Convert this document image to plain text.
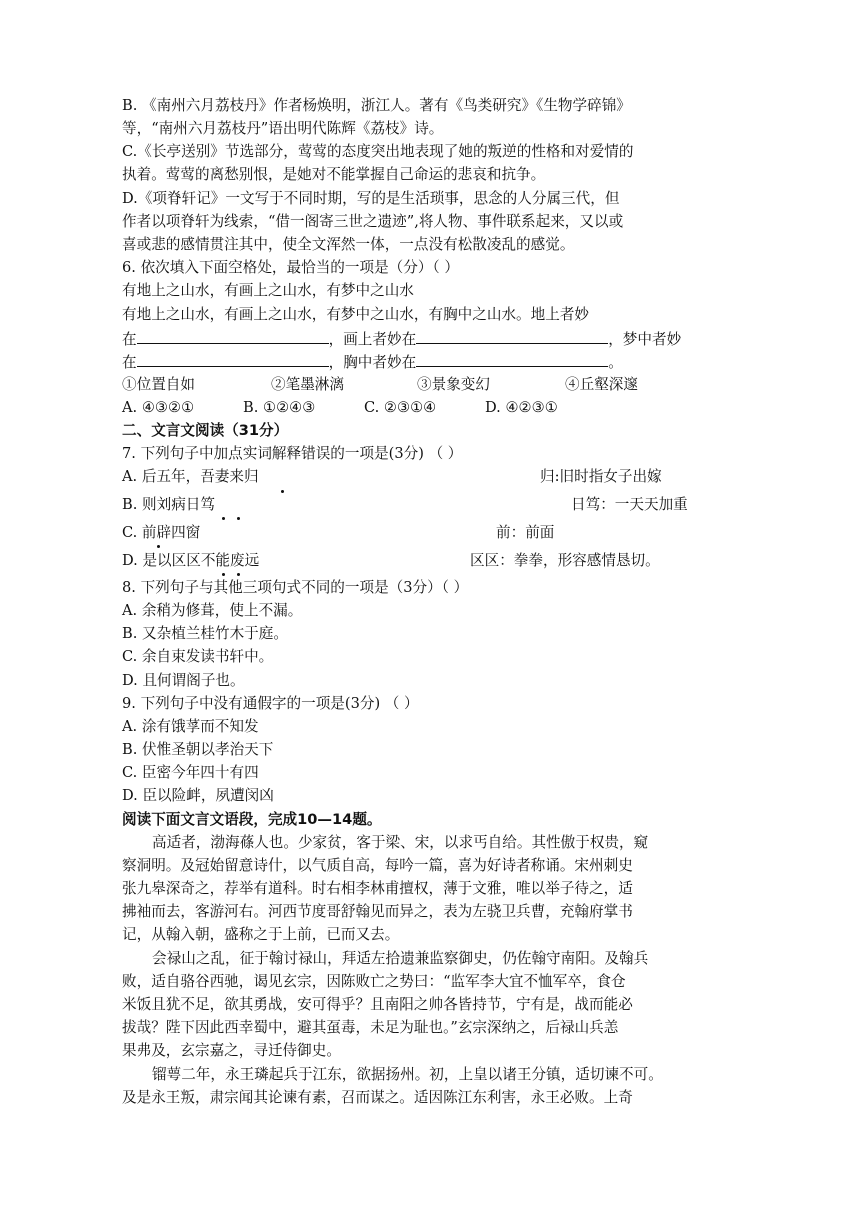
B. 《南州六月荔枝丹》作者杨焕明，浙江人。著有《鸟类研究》《生物学碎锦》
等，“南州六月荔枝丹”语出明代陈辉《荔枝》诗。
C.《长亭送别》节选部分，莺莺的态度突出地表现了她的叛逆的性格和对爱情的
执着。莺莺的离愁别恨，是她对不能掌握自己命运的悲哀和抗争。
D.《项脊轩记》一文写于不同时期，写的是生活琐事，思念的人分属三代，但
作者以项脊轩为线索，“借一阁寄三世之遗迹”,将人物、事件联系起来，又以或
喜或悲的感情贯注其中，使全文浑然一体，一点没有松散凌乱的感觉。
6. 依次填入下面空格处，最恰当的一项是（分）（ ）
有地上之山水，有画上之山水，有梦中之山水
有地上之山水，有画上之山水，有梦中之山水，有胸中之山水。地上者妙
在	，画上者妙在	，梦中者妙
在	，胸中者妙在	。
①位置自如	②笔墨淋漓	③景象变幻	④丘壑深邃
A. ④③②①	B. ①②④③	C. ②③①④	D. ④②③①
二、文言文阅读（31分）
7. 下列句子中加点实词解释错误的一项是(3分) （ ）
A. 后五年，吾妻来归	归:旧时指女子出嫁
B. 则刘病日笃	日笃：一天天加重
C. 前辟四窗	前：前面
D. 是以区区不能废远	区区：拳拳，形容感情恳切。
8. 下列句子与其他三项句式不同的一项是（3分）（ ）
A. 余稍为修葺，使上不漏。
B. 又杂植兰桂竹木于庭。
C. 余自束发读书轩中。
D. 且何谓阁子也。
9. 下列句子中没有通假字的一项是(3分) （ ）
A. 涂有饿莩而不知发
B. 伏惟圣朝以孝治天下
C. 臣密今年四十有四
D. 臣以险衅，夙遭闵凶
阅读下面文言文语段，完成10—14题。
高适者，渤海蓧人也。少家贫，客于梁、宋，以求丐自给。其性傲于权贵，窥
察洞明。及冠始留意诗什，以气质自高，每吟一篇，喜为好诗者称诵。宋州刺史
张九皋深奇之，荐举有道科。时右相李林甫擅权，薄于文雅，唯以举子待之，适
拂袖而去，客游河右。河西节度哥舒翰见而异之，表为左骁卫兵曹，充翰府掌书
记，从翰入朝，盛称之于上前，已而又去。
会禄山之乱，征于翰讨禄山，拜适左拾遗兼监察御史，仍佐翰守南阳。及翰兵
败，适自骆谷西驰，谒见玄宗，因陈败亡之势曰：“监军李大宜不恤军卒，食仓
米饭且犹不足，欲其勇战，安可得乎？且南阳之帅各皆持节，宁有是，战而能必
拔哉？陛下因此西幸蜀中，避其虿毒，未足为耻也。”玄宗深纳之，后禄山兵恙
果弗及，玄宗嘉之，寻迁侍御史。
镏萼二年，永王璘起兵于江东，欲据扬州。初，上皇以诸王分镇，适切谏不可。
及是永王叛，肃宗闻其论谏有素，召而谋之。适因陈江东利害，永王必败。上奇
